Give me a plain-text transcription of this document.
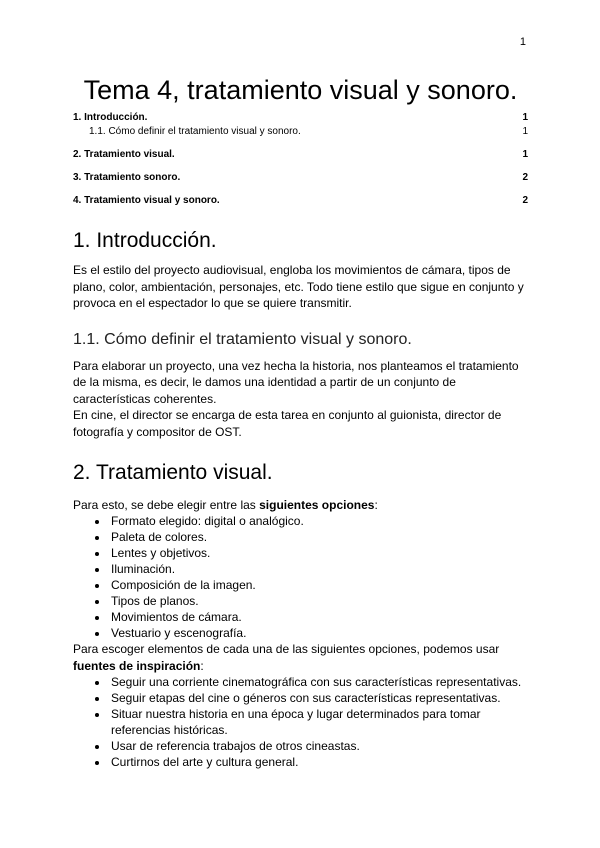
1
Tema 4, tratamiento visual y sonoro.
1. Introducción.	1
1.1. Cómo definir el tratamiento visual y sonoro.	1
2. Tratamiento visual.	1
3. Tratamiento sonoro.	2
4. Tratamiento visual y sonoro.	2
1. Introducción.

Es el estilo del proyecto audiovisual, engloba los movimientos de cámara, tipos de plano, color, ambientación, personajes, etc. Todo tiene estilo que sigue en conjunto y provoca en el espectador lo que se quiere transmitir.

1.1. Cómo definir el tratamiento visual y sonoro.

Para elaborar un proyecto, una vez hecha la historia, nos planteamos el tratamiento de la misma, es decir, le damos una identidad a partir de un conjunto de características coherentes.

En cine, el director se encarga de esta tarea en conjunto al guionista, director de fotografía y compositor de OST.

2. Tratamiento visual.

Para esto, se debe elegir entre las siguientes opciones:

• Formato elegido: digital o analógico.
• Paleta de colores.
• Lentes y objetivos.
• Iluminación.
• Composición de la imagen.
• Tipos de planos.
• Movimientos de cámara.
• Vestuario y escenografía.

Para escoger elementos de cada una de las siguientes opciones, podemos usar fuentes de inspiración:

• Seguir una corriente cinematográfica con sus características representativas.
• Seguir etapas del cine o géneros con sus características representativas.
• Situar nuestra historia en una época y lugar determinados para tomar referencias históricas.
• Usar de referencia trabajos de otros cineastas.
• Curtirnos del arte y cultura general.
